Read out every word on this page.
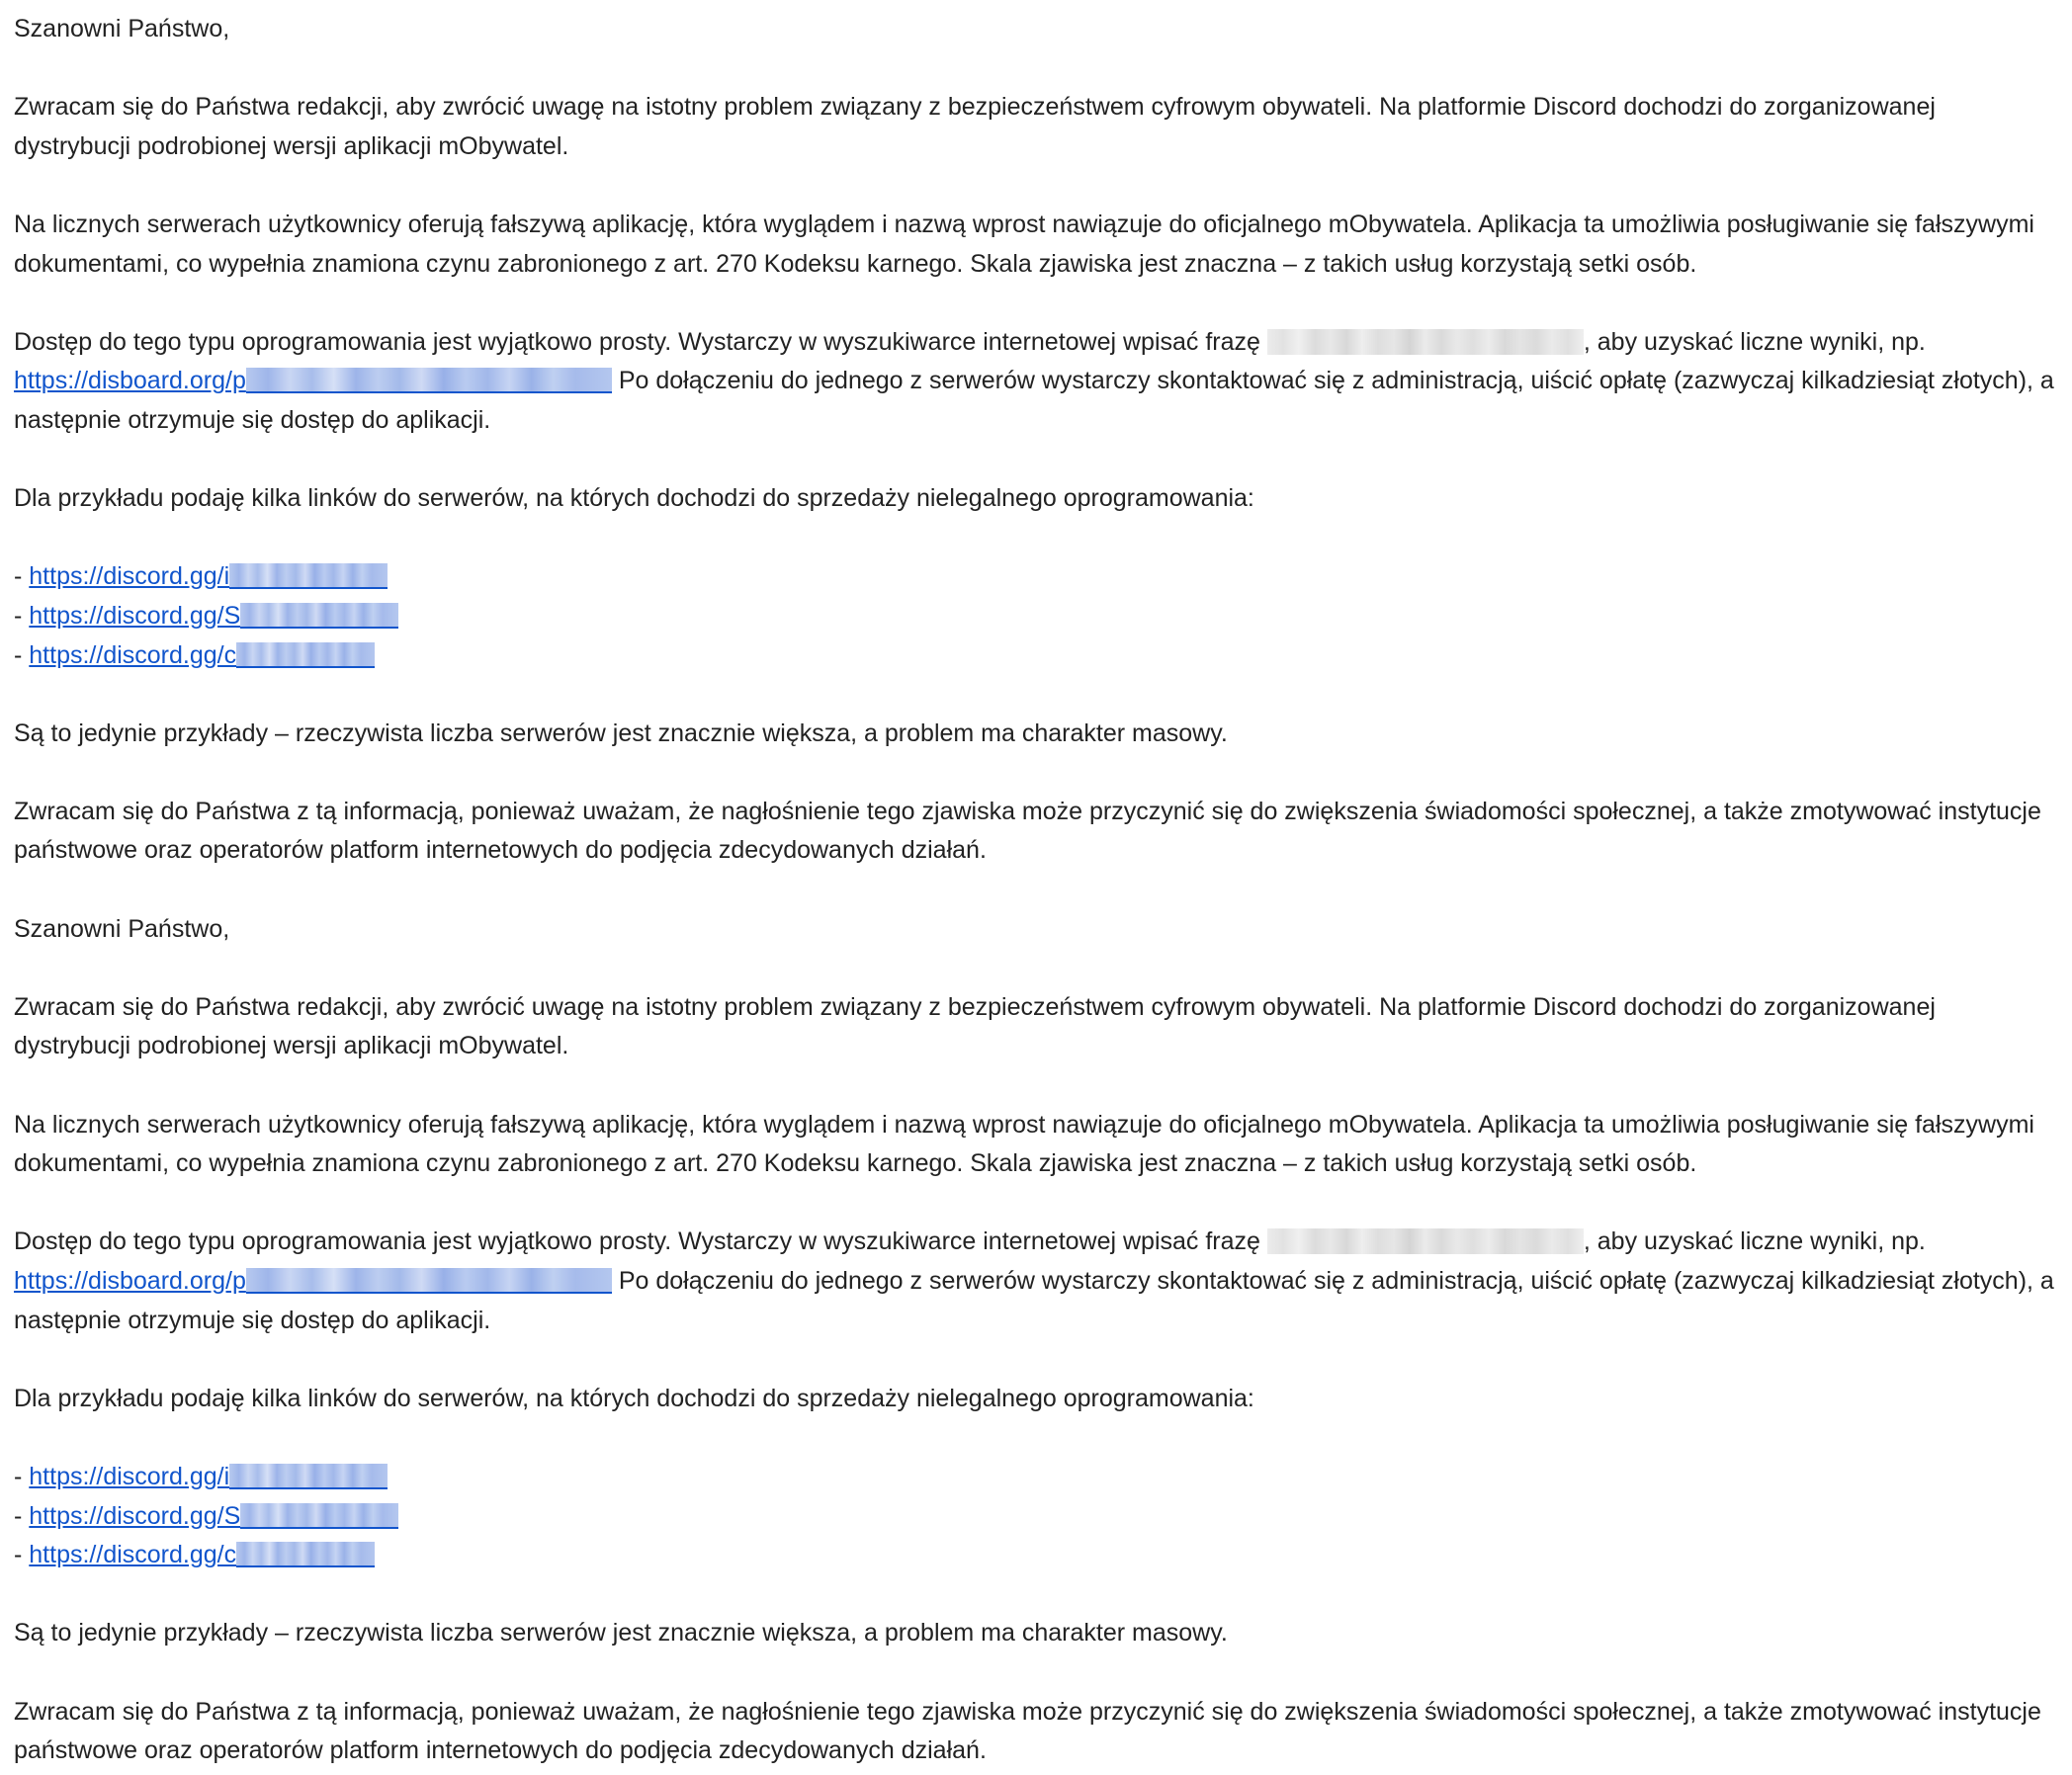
Szanowni Państwo,
Zwracam się do Państwa redakcji, aby zwrócić uwagę na istotny problem związany z bezpieczeństwem cyfrowym obywateli. Na platformie Discord dochodzi do zorganizowanej dystrybucji podrobionej wersji aplikacji mObywatel.
Na licznych serwerach użytkownicy oferują fałszywą aplikację, która wyglądem i nazwą wprost nawiązuje do oficjalnego mObywatela. Aplikacja ta umożliwia posługiwanie się fałszywymi dokumentami, co wypełnia znamiona czynu zabronionego z art. 270 Kodeksu karnego. Skala zjawiska jest znaczna – z takich usług korzystają setki osób.
Dostęp do tego typu oprogramowania jest wyjątkowo prosty. Wystarczy w wyszukiwarce internetowej wpisać frazę	, aby uzyskać liczne wyniki, np. https://disboard.org/p	Po dołączeniu do jednego z serwerów wystarczy skontaktować się z administracją, uiścić opłatę (zazwyczaj kilkadziesiąt złotych), a następnie otrzymuje się dostęp do aplikacji.
Dla przykładu podaję kilka linków do serwerów, na których dochodzi do sprzedaży nielegalnego oprogramowania:
- https://discord.gg/i
- https://discord.gg/S
- https://discord.gg/c
Są to jedynie przykłady – rzeczywista liczba serwerów jest znacznie większa, a problem ma charakter masowy.
Zwracam się do Państwa z tą informacją, ponieważ uważam, że nagłośnienie tego zjawiska może przyczynić się do zwiększenia świadomości społecznej, a także zmotywować instytucje państwowe oraz operatorów platform internetowych do podjęcia zdecydowanych działań.
Szanowni Państwo,
Zwracam się do Państwa redakcji, aby zwrócić uwagę na istotny problem związany z bezpieczeństwem cyfrowym obywateli. Na platformie Discord dochodzi do zorganizowanej dystrybucji podrobionej wersji aplikacji mObywatel.
Na licznych serwerach użytkownicy oferują fałszywą aplikację, która wyglądem i nazwą wprost nawiązuje do oficjalnego mObywatela. Aplikacja ta umożliwia posługiwanie się fałszywymi dokumentami, co wypełnia znamiona czynu zabronionego z art. 270 Kodeksu karnego. Skala zjawiska jest znaczna – z takich usług korzystają setki osób.
Dostęp do tego typu oprogramowania jest wyjątkowo prosty. Wystarczy w wyszukiwarce internetowej wpisać frazę	, aby uzyskać liczne wyniki, np. https://disboard.org/p	Po dołączeniu do jednego z serwerów wystarczy skontaktować się z administracją, uiścić opłatę (zazwyczaj kilkadziesiąt złotych), a następnie otrzymuje się dostęp do aplikacji.
Dla przykładu podaję kilka linków do serwerów, na których dochodzi do sprzedaży nielegalnego oprogramowania:
- https://discord.gg/i
- https://discord.gg/S
- https://discord.gg/c
Są to jedynie przykłady – rzeczywista liczba serwerów jest znacznie większa, a problem ma charakter masowy.
Zwracam się do Państwa z tą informacją, ponieważ uważam, że nagłośnienie tego zjawiska może przyczynić się do zwiększenia świadomości społecznej, a także zmotywować instytucje państwowe oraz operatorów platform internetowych do podjęcia zdecydowanych działań.
